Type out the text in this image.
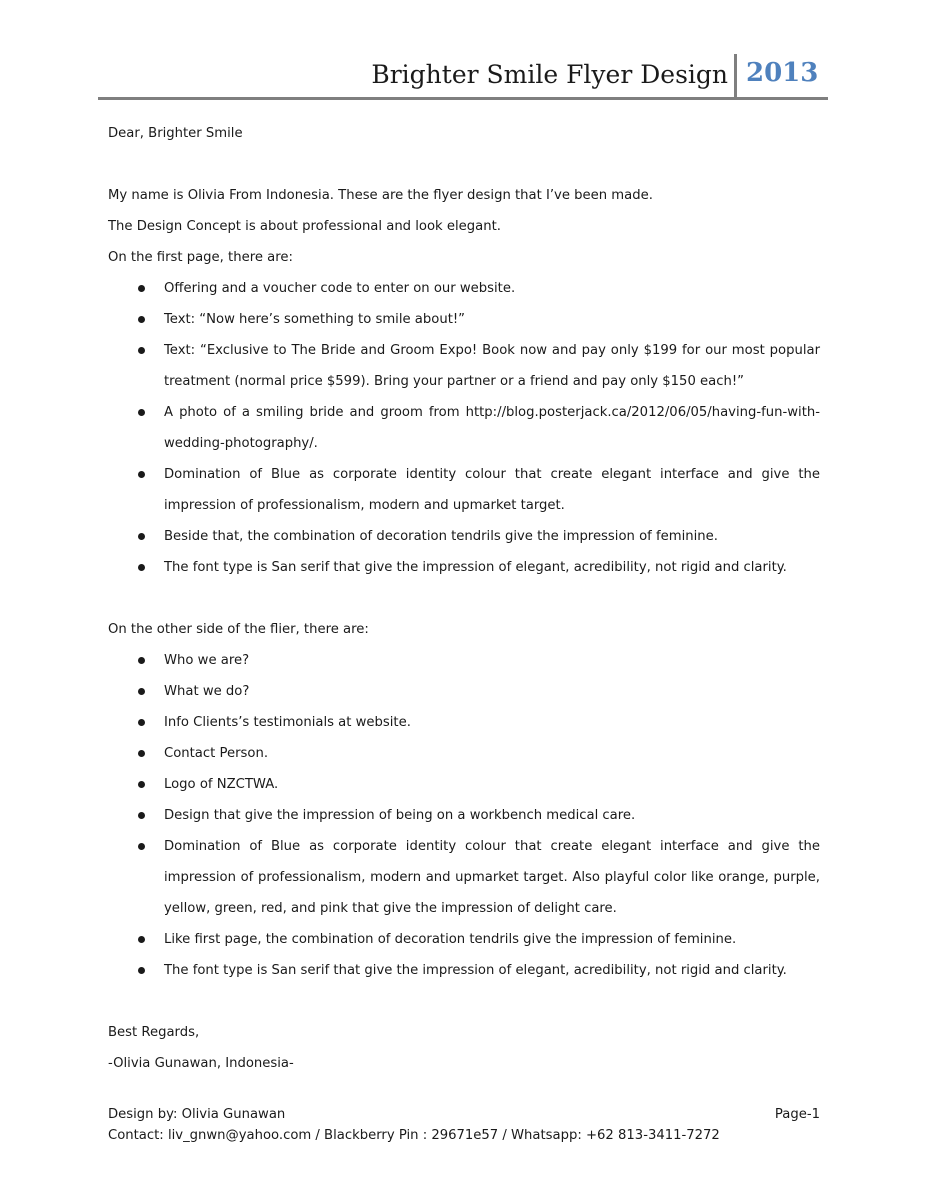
Brighter Smile Flyer Design 2013

Dear, Brighter Smile

My name is Olivia From Indonesia. These are the flyer design that I’ve been made.

The Design Concept is about professional and look elegant.

On the first page, there are:

Offering and a voucher code to enter on our website.
Text: “Now here’s something to smile about!”
Text: “Exclusive to The Bride and Groom Expo! Book now and pay only $199 for our most popular treatment (normal price $599). Bring your partner or a friend and pay only $150 each!”
A photo of a smiling bride and groom from http://blog.posterjack.ca/2012/06/05/having-fun-with-wedding-photography/.
Domination of Blue as corporate identity colour that create elegant interface and give the impression of professionalism, modern and upmarket target.
Beside that, the combination of decoration tendrils give the impression of feminine.
The font type is San serif that give the impression of elegant, acredibility, not rigid and clarity.

On the other side of the flier, there are:

Who we are?
What we do?
Info Clients’s testimonials at website.
Contact Person.
Logo of NZCTWA.
Design that give the impression of being on a workbench medical care.
Domination of Blue as corporate identity colour that create elegant interface and give the impression of professionalism, modern and upmarket target. Also playful color like orange, purple, yellow, green, red, and pink that give the impression of delight care.
Like first page, the combination of decoration tendrils give the impression of feminine.
The font type is San serif that give the impression of elegant, acredibility, not rigid and clarity.

Best Regards,

-Olivia Gunawan, Indonesia-

Design by: Olivia Gunawan	Page-1
Contact: liv_gnwn@yahoo.com / Blackberry Pin : 29671e57 / Whatsapp: +62 813-3411-7272
